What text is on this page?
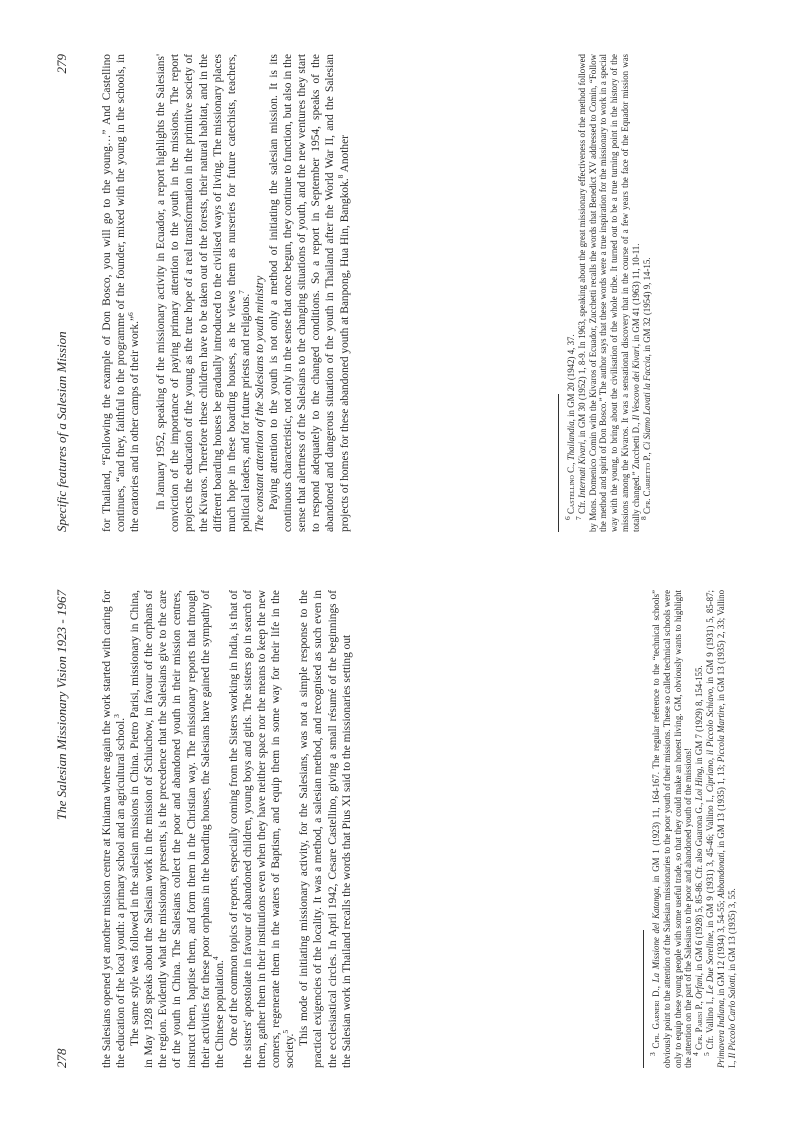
278
The Salesian Missionary Vision 1923 - 1967	the Salesians opened yet another mission centre at Kiniama where again the work started with caring for the education of the local youth: a primary school and an agricultural school.$^3$ The same style was followed in the salesian missions in China. Pietro Parisi, missionary in China, in May 1928 speaks about the Salesian work in the mission of Schiuchow, in favour of the orphans of the region. Evidently what the missionary presents, is the precedence that the Salesians give to the care of the youth in China. The Salesians collect the poor and abandoned youth in their mission centres, instruct them, baptise them, and form them in the Christian way. The missionary reports that through their activities for these poor orphans in the boarding houses, the Salesians have gained the sympathy of the Chinese population.$^4$ One of the common topics of reports, especially coming from the Sisters working in India, is that of the sisters' apostolate in favour of abandoned children, young boys and girls. The sisters go in search of them, gather them in their institutions even when they have neither space nor the means to keep the new comers, regenerate them in the waters of Baptism, and equip them in some way for their life in the society.$^5$ This mode of initiating missionary activity, for the Salesians, was not a simple response to the practical exigencies of the locality. It was a method, a salesian method, and recognised as such even in the ecclesiastical circles. In April 1942, Cesare Castellino, giving a small résumé of the beginnings of the Salesian work in Thailand recalls the words that Pius XI said to the missionaries setting out	$^3$ Cfr. Garneri D., La Missione del Katanga, in GM 1 (1923) 11, 164-167. The regular reference to the “technical schools” obviously point to the attention of the Salesian missionaries to the poor youth of their missions. These so called technical schools were only to equip these young people with some useful trade, so that they could make an honest living. GM, obviously wants to highlight the attention on the part of the Salesians to the poor and abandoned youth of the missions!

$^4$ Cfr. Parisi P., Orfani, in GM 6 (1928) 5, 85-86. Cfr. also Guarona G., Loi Hing, in GM 7 (1929) 8, 154-155.

$^5$ Cfr. Vallino I., Le Due Sorelline, in GM 9 (1931) 3, 45-46; Vallino I., Cipriano, il Piccolo Schiavo, in GM 9 (1931) 5, 85-87; Primavera Indiana, in GM 12 (1934) 3, 54-55; Abbandonati, in GM 13 (1935) 1, 13; Piccola Martire, in GM 13 (1935) 2, 33; Vallino I., Il Piccolo Carlo Salotti, in GM 13 (1935) 3, 55.

Specific features of a Salesian Mission
279	for Thailand, “Following the example of Don Bosco, you will go to the young…” And Castellino continues, “and they, faithful to the programme of the founder, mixed with the young in the schools, in the oratories and in other camps of their work.”$^6$	In January 1952, speaking of the missionary activity in Ecuador, a report highlights the Salesians' conviction of the importance of paying primary attention to the youth in the missions. The report projects the education of the young as the true hope of a real transformation in the primitive society of the Kivaros. Therefore these children have to be taken out of the forests, their natural habitat, and in the different boarding houses be gradually introduced to the civilised ways of living. The missionary places much hope in these boarding houses, as he views them as nurseries for future catechists, teachers, political leaders, and for future priests and religious.$^7$ The constant attention of the Salesians to youth ministry Paying attention to the youth is not only a method of initiating the salesian mission. It is its continuous characteristic, not only in the sense that once begun, they continue to function, but also in the sense that alertness of the Salesians to the changing situations of youth, and the new ventures they start to respond adequately to the changed conditions. So a report in September 1954, speaks of the abandoned and dangerous situation of the youth in Thailand after the World War II, and the Salesian projects of homes for these abandoned youth at Banpong, Hua Hin, Bangkok.$^8$ Another

$^6$ Castellino C., Thailandia, in GM 20 (1942) 4, 37.

$^7$ Cfr. Internati Kivari, in GM 30 (1952) 1, 8-9. In 1963, speaking about the great missionary effectiveness of the method followed by Mons. Domenico Comin with the Kivaros of Ecuador, Zucchetti recalls the words that Benedict XV addressed to Comin, “Follow the method and spirit of Don Bosco.” The author says that these words were a true inspiration for the missionary to work in a special way with the young, to bring about the civilisation of the whole tribe. It turned out to be a true turning point in the history of the missions among the Kivaros. It was a sensational discovery that in the course of a few years the face of the Equador mission was totally changed.” Zucchetti D., Il Vescovo dei Kivari, in GM 41 (1963) 11, 10-11.

$^8$ Cfr. Carretto P., Ci Siamo Lavati la Faccia, in GM 32 (1954) 9, 14-15.
